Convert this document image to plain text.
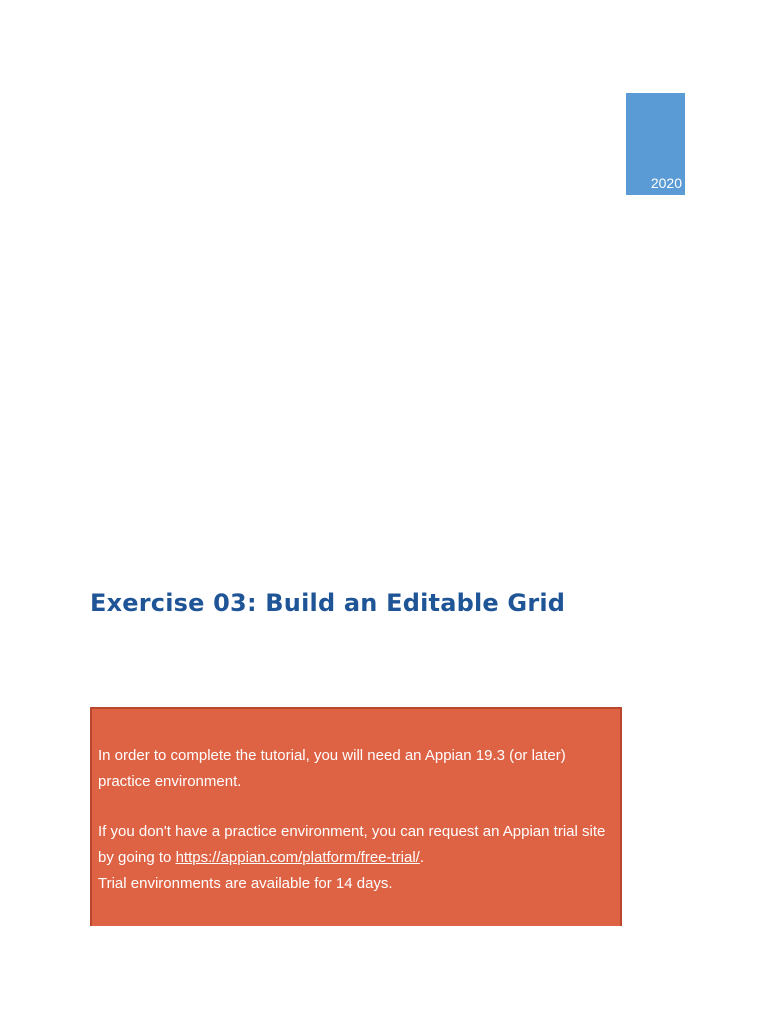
2020
Exercise 03: Build an Editable Grid

In order to complete the tutorial, you will need an Appian 19.3 (or later) practice environment.

If you don't have a practice environment, you can request an Appian trial site by going to https://appian.com/platform/free-trial/.
Trial environments are available for 14 days.
